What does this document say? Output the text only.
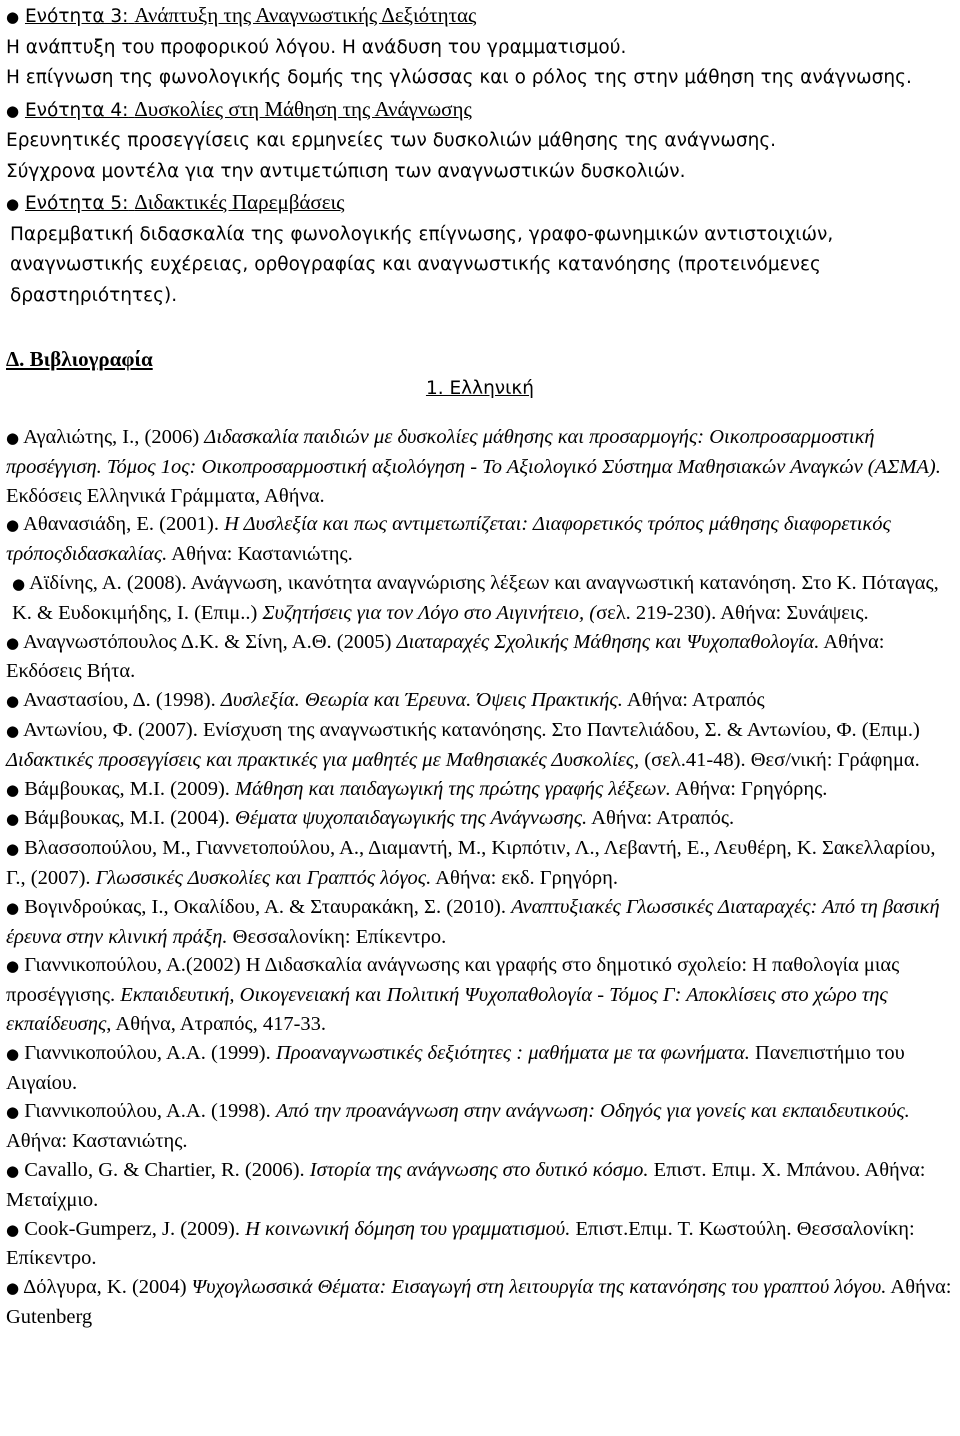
● Ενότητα 3: Ανάπτυξη της Αναγνωστικής Δεξιότητας

Η ανάπτυξη του προφορικού λόγου. Η ανάδυση του γραμματισμού.

Η επίγνωση της φωνολογικής δομής της γλώσσας και ο ρόλος της στην μάθηση της ανάγνωσης.

● Ενότητα 4: Δυσκολίες στη Μάθηση της Ανάγνωσης

Ερευνητικές προσεγγίσεις και ερμηνείες των δυσκολιών μάθησης της ανάγνωσης.

Σύγχρονα μοντέλα για την αντιμετώπιση των αναγνωστικών δυσκολιών.

● Ενότητα 5: Διδακτικές Παρεμβάσεις

Παρεμβατική διδασκαλία της φωνολογικής επίγνωσης, γραφο-φωνημικών αντιστοιχιών, αναγνωστικής ευχέρειας, ορθογραφίας και αναγνωστικής κατανόησης (προτεινόμενες δραστηριότητες).

Δ. Βιβλιογραφία

1. Ελληνική

● Αγαλιώτης, Ι., (2006) Διδασκαλία παιδιών με δυσκολίες μάθησης και προσαρμογής: Οικοπροσαρμοστική προσέγγιση. Τόμος 1ος: Οικοπροσαρμοστική αξιολόγηση - Το Αξιολογικό Σύστημα Μαθησιακών Αναγκών (ΑΣΜΑ). Εκδόσεις Ελληνικά Γράμματα, Αθήνα.

● Αθανασιάδη, Ε. (2001). Η Δυσλεξία και πως αντιμετωπίζεται: Διαφορετικός τρόπος μάθησης διαφορετικός τρόποςδιδασκαλίας. Αθήνα: Καστανιώτης.

● Αϊδίνης, Α. (2008). Ανάγνωση, ικανότητα αναγνώρισης λέξεων και αναγνωστική κατανόηση. Στο Κ. Πόταγας, Κ. & Ευδοκιμήδης, Ι. (Επιμ..) Συζητήσεις για τον Λόγο στο Αιγινήτειο, (σελ. 219-230). Αθήνα: Συνάψεις.

● Αναγνωστόπουλος Δ.Κ. & Σίνη, Α.Θ. (2005) Διαταραχές Σχολικής Μάθησης και Ψυχοπαθολογία. Αθήνα: Εκδόσεις Βήτα.

● Αναστασίου, Δ. (1998). Δυσλεξία. Θεωρία και Έρευνα. Όψεις Πρακτικής. Αθήνα: Ατραπός

● Αντωνίου, Φ. (2007). Ενίσχυση της αναγνωστικής κατανόησης. Στο Παντελιάδου, Σ. & Αντωνίου, Φ. (Επιμ.) Διδακτικές προσεγγίσεις και πρακτικές για μαθητές με Μαθησιακές Δυσκολίες, (σελ.41-48). Θεσ/νική: Γράφημα.

● Βάμβουκας, Μ.Ι. (2009). Μάθηση και παιδαγωγική της πρώτης γραφής λέξεων. Αθήνα: Γρηγόρης.

● Βάμβουκας, Μ.Ι. (2004). Θέματα ψυχοπαιδαγωγικής της Ανάγνωσης. Αθήνα: Ατραπός.

● Βλασσοπούλου, Μ., Γιαννετοπούλου, Α., Διαμαντή, Μ., Κιρπότιν, Λ., Λεβαντή, Ε., Λευθέρη, Κ. Σακελλαρίου, Γ., (2007). Γλωσσικές Δυσκολίες και Γραπτός λόγος. Αθήνα: εκδ. Γρηγόρη.

● Βογινδρούκας, Ι., Οκαλίδου, Α. & Σταυρακάκη, Σ. (2010). Αναπτυξιακές Γλωσσικές Διαταραχές: Από τη βασική έρευνα στην κλινική πράξη. Θεσσαλονίκη: Επίκεντρο.

● Γιαννικοπούλου, Α.(2002) Η Διδασκαλία ανάγνωσης και γραφής στο δημοτικό σχολείο: Η παθολογία μιας προσέγγισης. Εκπαιδευτική, Οικογενειακή και Πολιτική Ψυχοπαθολογία - Τόμος Γ: Αποκλίσεις στο χώρο της εκπαίδευσης, Αθήνα, Ατραπός, 417-33.

● Γιαννικοπούλου, Α.Α. (1999). Προαναγνωστικές δεξιότητες : μαθήματα με τα φωνήματα. Πανεπιστήμιο του Αιγαίου.

● Γιαννικοπούλου, Α.Α. (1998). Από την προανάγνωση στην ανάγνωση: Οδηγός για γονείς και εκπαιδευτικούς. Αθήνα: Καστανιώτης.

● Cavallo, G. & Chartier, R. (2006). Ιστορία της ανάγνωσης στο δυτικό κόσμο. Επιστ. Επιμ. Χ. Μπάνου. Αθήνα: Μεταίχμιο.

● Cook-Gumperz, J. (2009). Η κοινωνική δόμηση του γραμματισμού. Επιστ.Επιμ. Τ. Κωστούλη. Θεσσαλονίκη: Επίκεντρο.

● Δόλγυρα, Κ. (2004) Ψυχογλωσσικά Θέματα: Εισαγωγή στη λειτουργία της κατανόησης του γραπτού λόγου. Αθήνα: Gutenberg
